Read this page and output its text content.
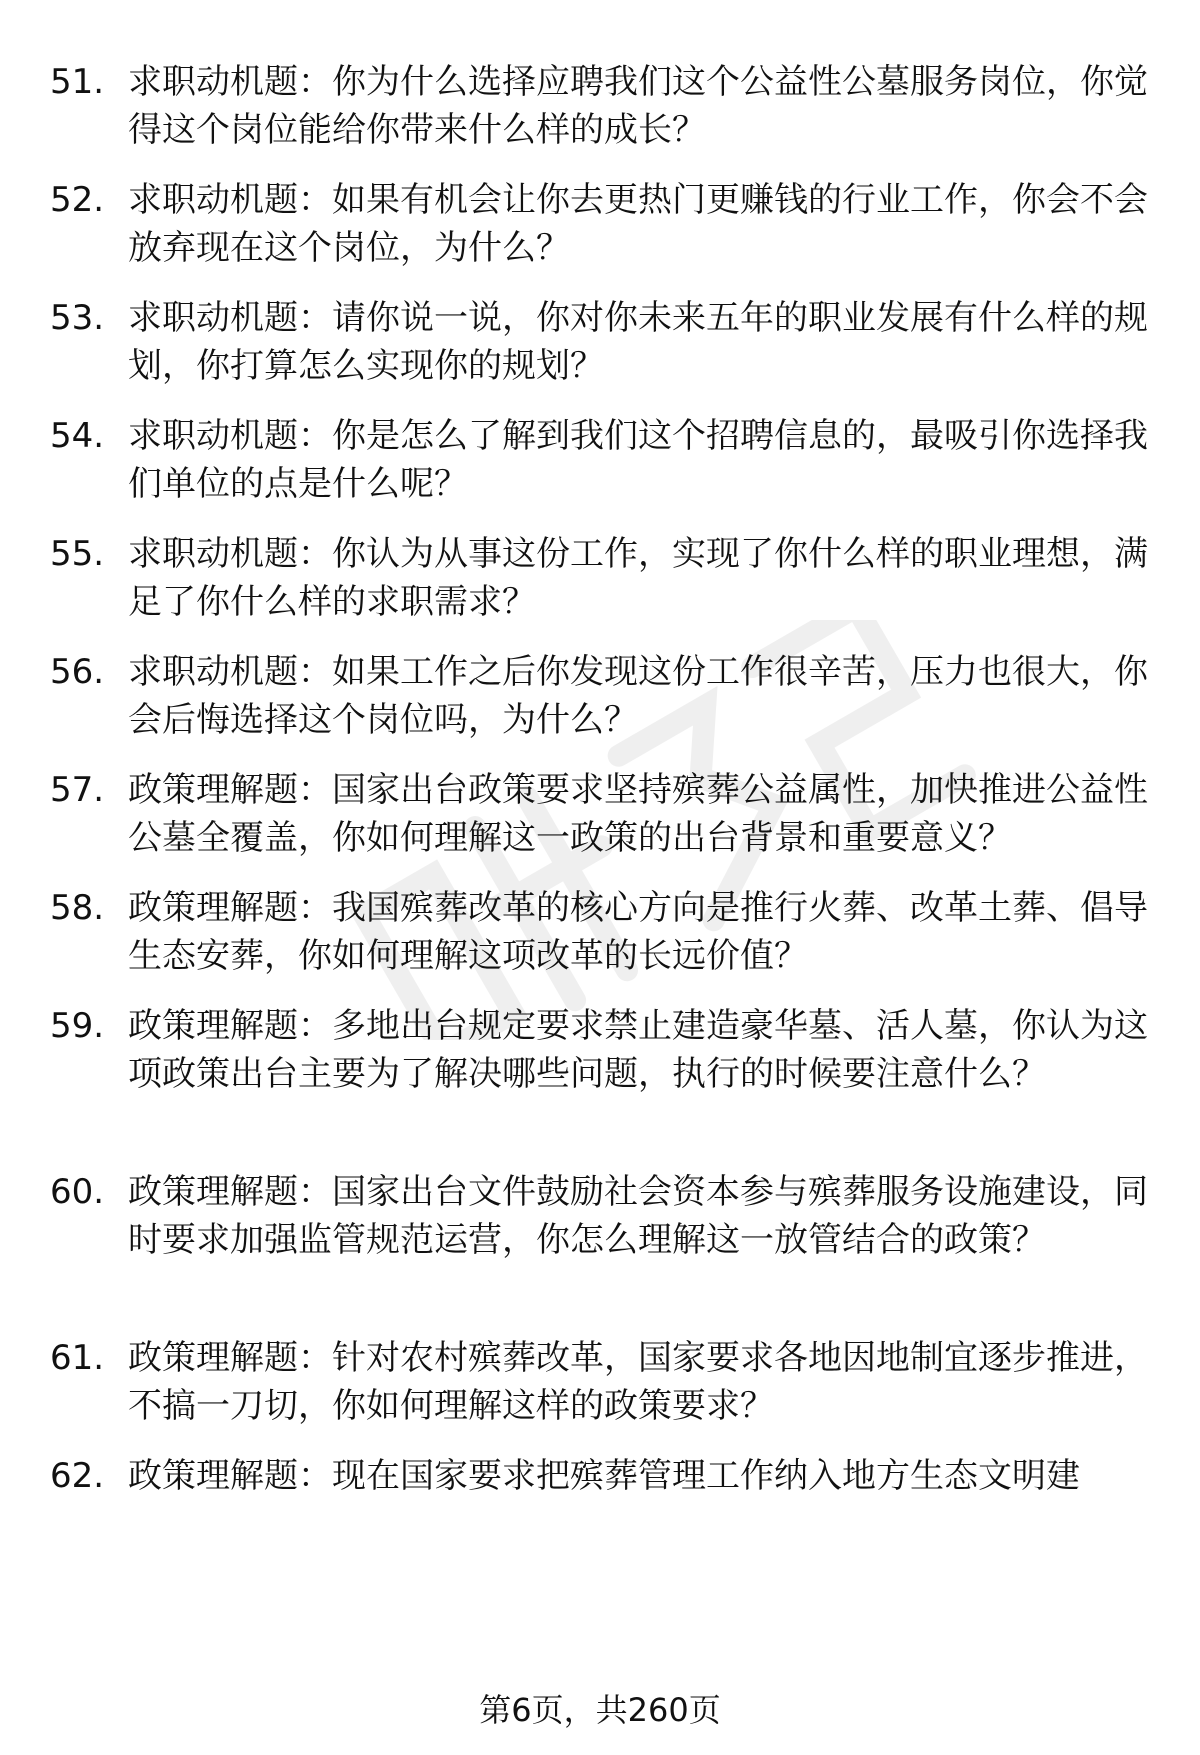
51. 求职动机题：你为什么选择应聘我们这个公益性公墓服务岗位，你觉得这个岗位能给你带来什么样的成长？
52. 求职动机题：如果有机会让你去更热门更赚钱的行业工作，你会不会放弃现在这个岗位，为什么？
53. 求职动机题：请你说一说，你对你未来五年的职业发展有什么样的规划，你打算怎么实现你的规划？
54. 求职动机题：你是怎么了解到我们这个招聘信息的，最吸引你选择我们单位的点是什么呢？
55. 求职动机题：你认为从事这份工作，实现了你什么样的职业理想，满足了你什么样的求职需求？
56. 求职动机题：如果工作之后你发现这份工作很辛苦，压力也很大，你会后悔选择这个岗位吗，为什么？
57. 政策理解题：国家出台政策要求坚持殡葬公益属性，加快推进公益性公墓全覆盖，你如何理解这一政策的出台背景和重要意义？
58. 政策理解题：我国殡葬改革的核心方向是推行火葬、改革土葬、倡导生态安葬，你如何理解这项改革的长远价值？
59. 政策理解题：多地出台规定要求禁止建造豪华墓、活人墓，你认为这项政策出台主要为了解决哪些问题，执行的时候要注意什么？
60. 政策理解题：国家出台文件鼓励社会资本参与殡葬服务设施建设，同时要求加强监管规范运营，你怎么理解这一放管结合的政策？
61. 政策理解题：针对农村殡葬改革，国家要求各地因地制宜逐步推进，不搞一刀切，你如何理解这样的政策要求？
62. 政策理解题：现在国家要求把殡葬管理工作纳入地方生态文明建
第6页，共260页
